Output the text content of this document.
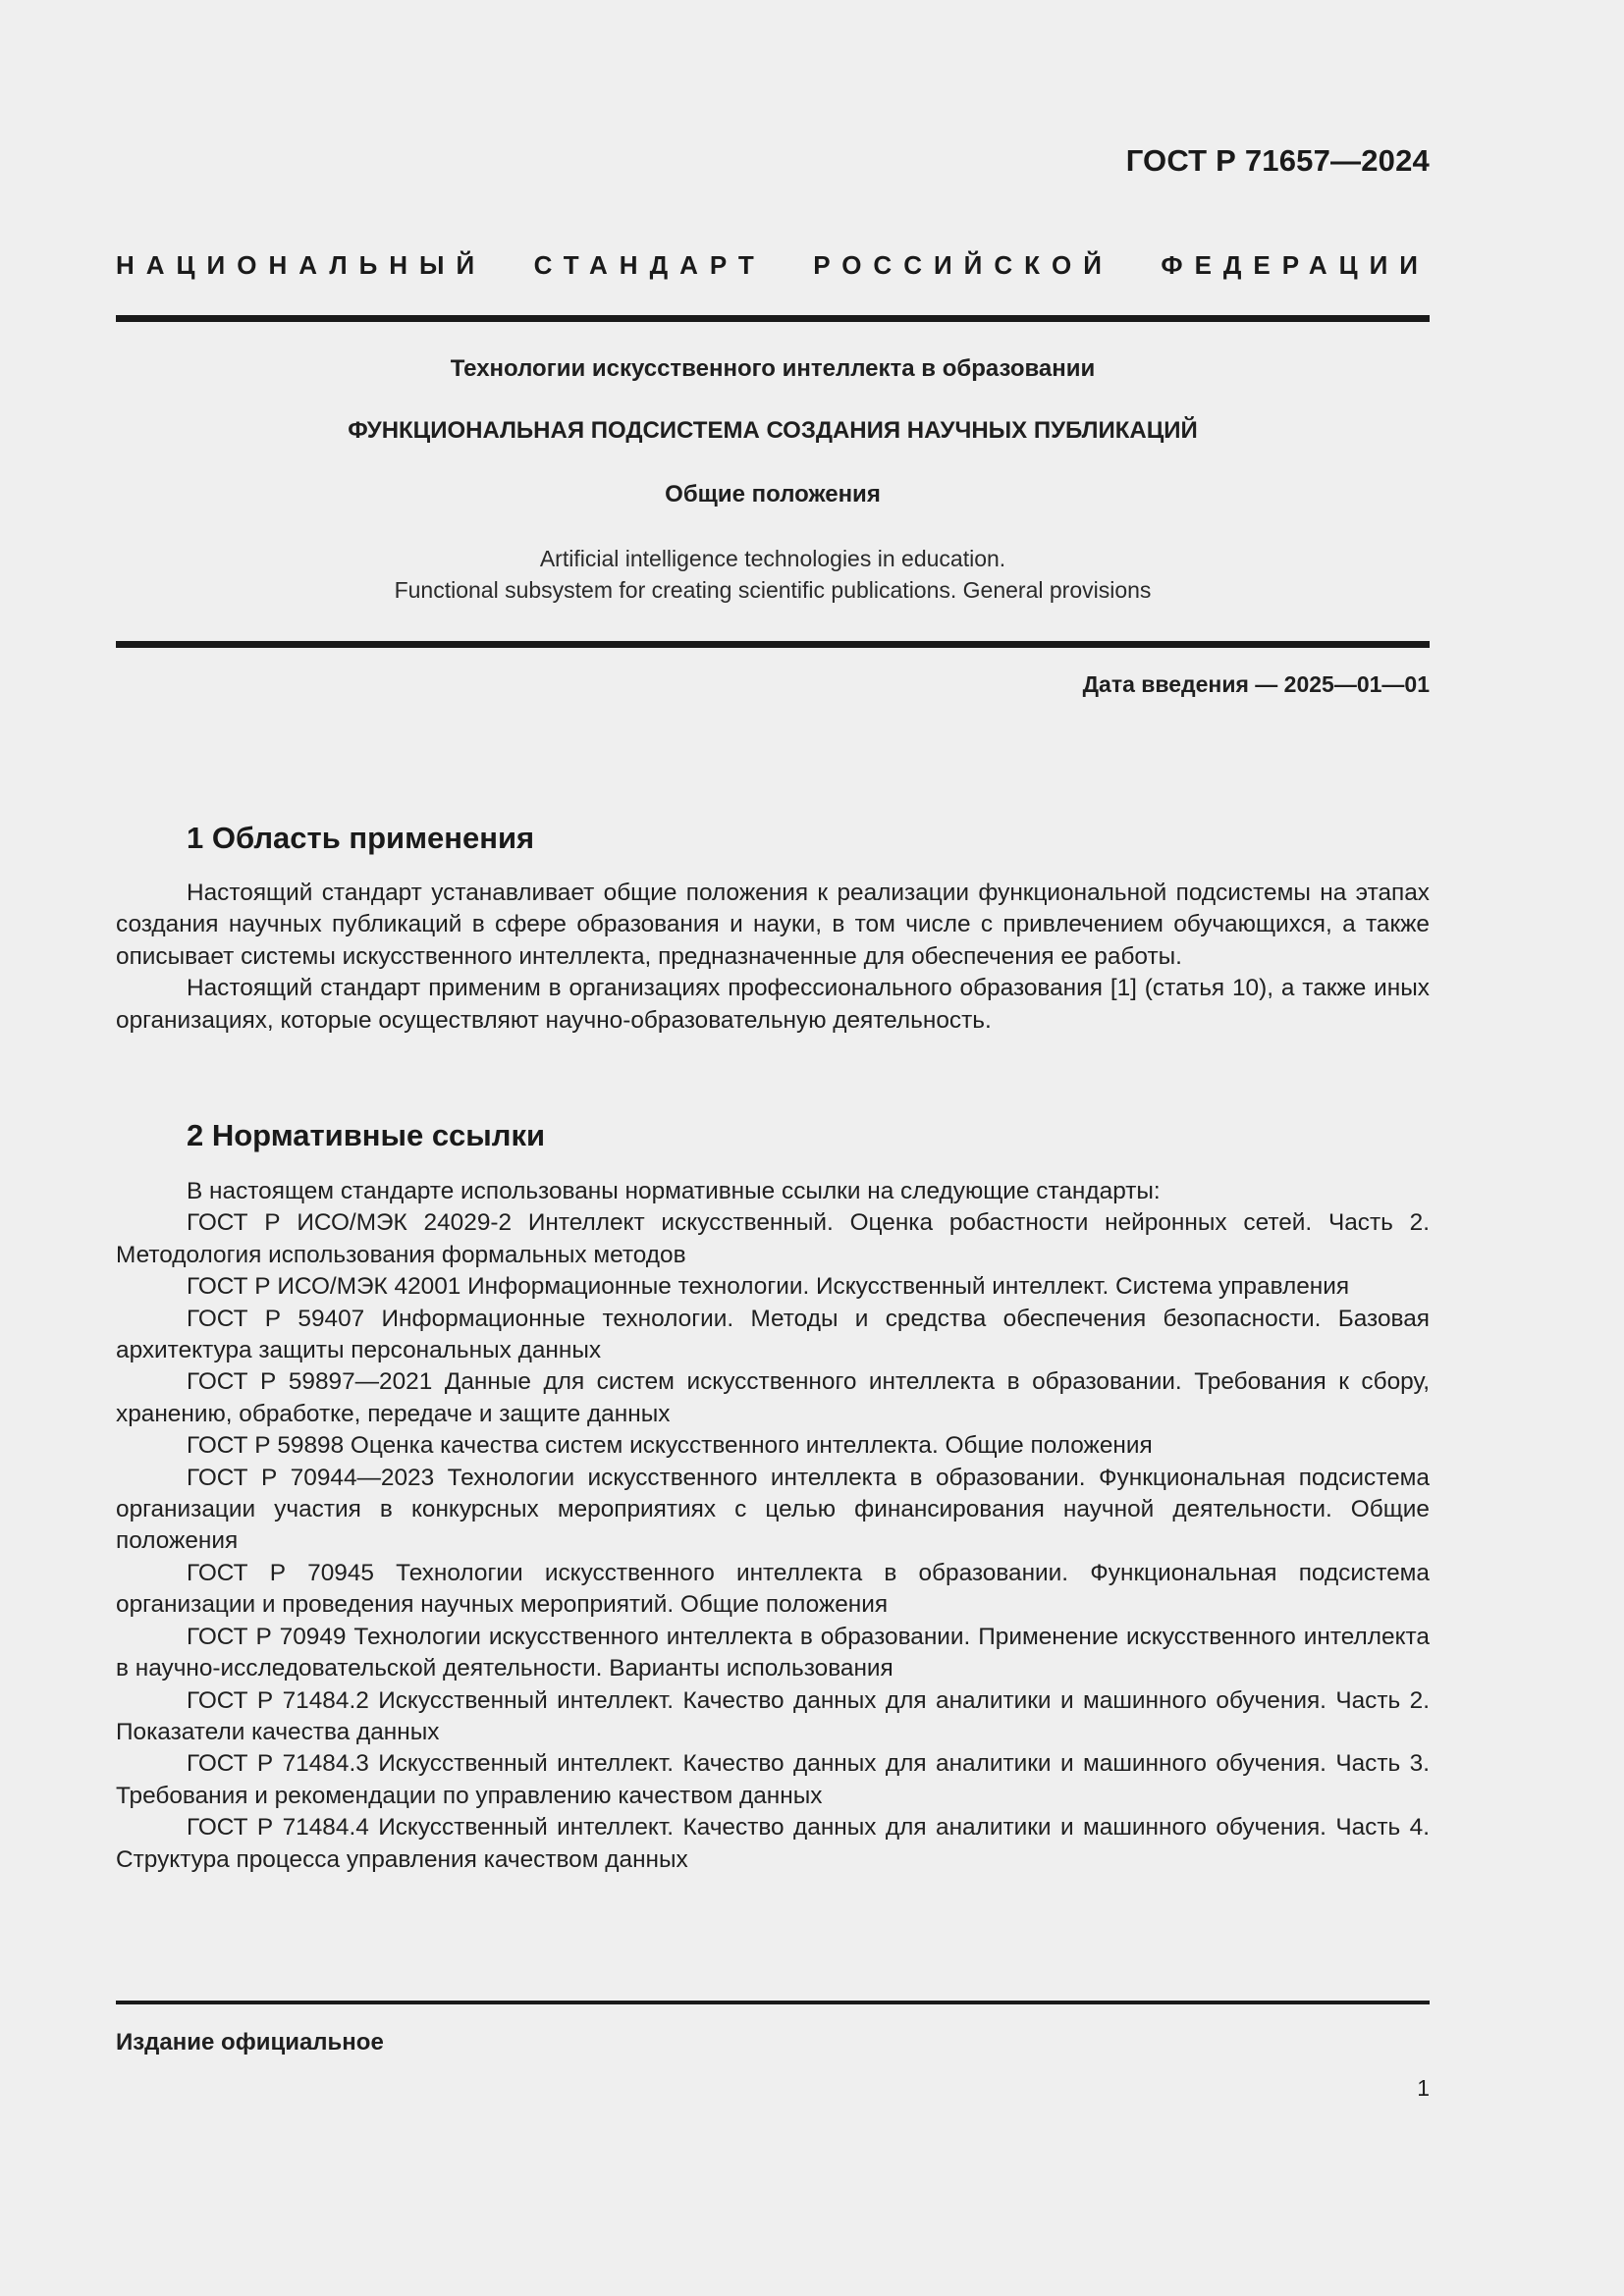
ГОСТ Р 71657—2024
НАЦИОНАЛЬНЫЙ СТАНДАРТ РОССИЙСКОЙ ФЕДЕРАЦИИ
Технологии искусственного интеллекта в образовании
ФУНКЦИОНАЛЬНАЯ ПОДСИСТЕМА СОЗДАНИЯ НАУЧНЫХ ПУБЛИКАЦИЙ
Общие положения
Artificial intelligence technologies in education.
Functional subsystem for creating scientific publications. General provisions
Дата введения — 2025—01—01
1 Область применения

Настоящий стандарт устанавливает общие положения к реализации функциональной подсистемы на этапах создания научных публикаций в сфере образования и науки, в том числе с привлечением обучающихся, а также описывает системы искусственного интеллекта, предназначенные для обеспечения ее работы.

Настоящий стандарт применим в организациях профессионального образования [1] (статья 10), а также иных организациях, которые осуществляют научно-образовательную деятельность.

2 Нормативные ссылки

В настоящем стандарте использованы нормативные ссылки на следующие стандарты:

ГОСТ Р ИСО/МЭК 24029-2 Интеллект искусственный. Оценка робастности нейронных сетей. Часть 2. Методология использования формальных методов

ГОСТ Р ИСО/МЭК 42001 Информационные технологии. Искусственный интеллект. Система управления

ГОСТ Р 59407 Информационные технологии. Методы и средства обеспечения безопасности. Базовая архитектура защиты персональных данных

ГОСТ Р 59897—2021 Данные для систем искусственного интеллекта в образовании. Требования к сбору, хранению, обработке, передаче и защите данных

ГОСТ Р 59898 Оценка качества систем искусственного интеллекта. Общие положения

ГОСТ Р 70944—2023 Технологии искусственного интеллекта в образовании. Функциональная подсистема организации участия в конкурсных мероприятиях с целью финансирования научной деятельности. Общие положения

ГОСТ Р 70945 Технологии искусственного интеллекта в образовании. Функциональная подсистема организации и проведения научных мероприятий. Общие положения

ГОСТ Р 70949 Технологии искусственного интеллекта в образовании. Применение искусственного интеллекта в научно-исследовательской деятельности. Варианты использования

ГОСТ Р 71484.2 Искусственный интеллект. Качество данных для аналитики и машинного обучения. Часть 2. Показатели качества данных

ГОСТ Р 71484.3 Искусственный интеллект. Качество данных для аналитики и машинного обучения. Часть 3. Требования и рекомендации по управлению качеством данных

ГОСТ Р 71484.4 Искусственный интеллект. Качество данных для аналитики и машинного обучения. Часть 4. Структура процесса управления качеством данных

Издание официальное
1
